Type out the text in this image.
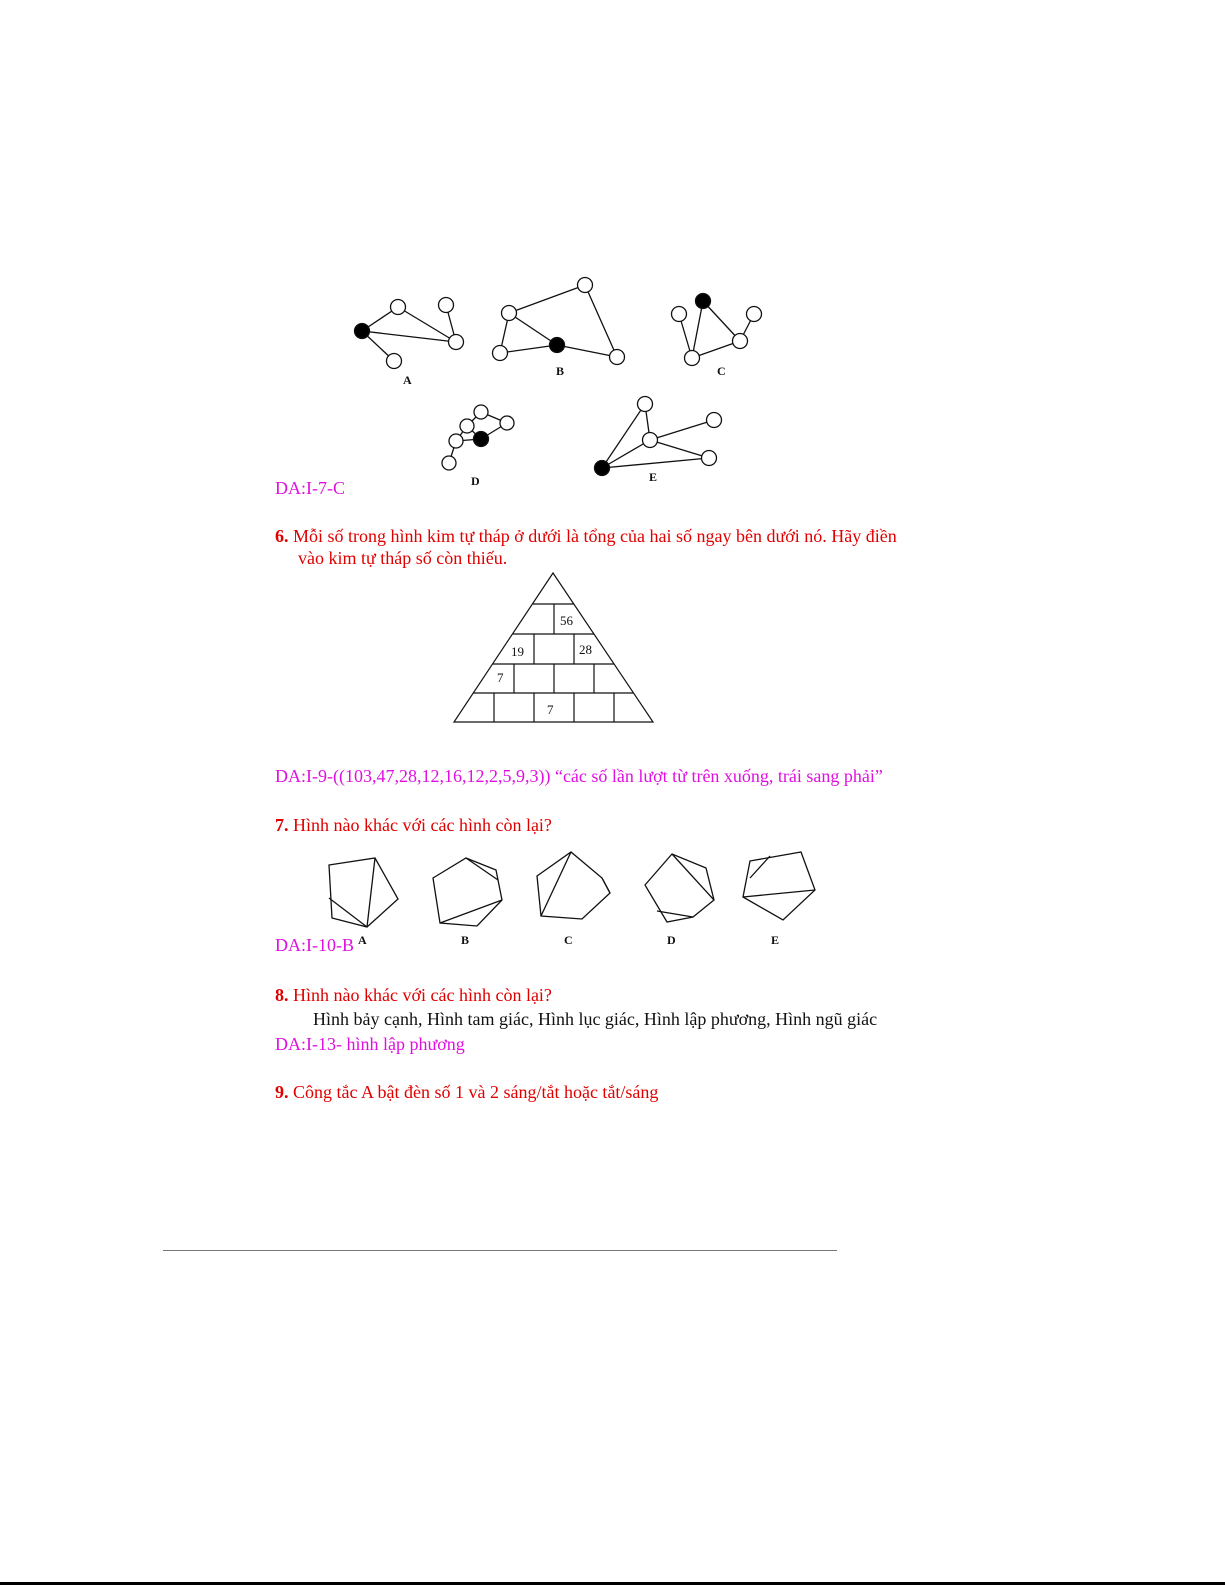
A
B	C
D	E
DA:I-7-C
6. Mỗi số trong hình kim tự tháp ở dưới là tổng của hai số ngay bên dưới nó. Hãy điền
vào kim tự tháp số còn thiếu.
56
19	28
7
7
DA:I-9-((103,47,28,12,16,12,2,5,9,3)) “các số lần lượt từ trên xuống, trái sang phải”
7. Hình nào khác với các hình còn lại?
A	B	C	D	E
DA:I-10-B
8. Hình nào khác với các hình còn lại?
Hình bảy cạnh, Hình tam giác, Hình lục giác, Hình lập phương, Hình ngũ giác
DA:I-13- hình lập phương
9. Công tắc A bật đèn số 1 và 2 sáng/tắt hoặc tắt/sáng
